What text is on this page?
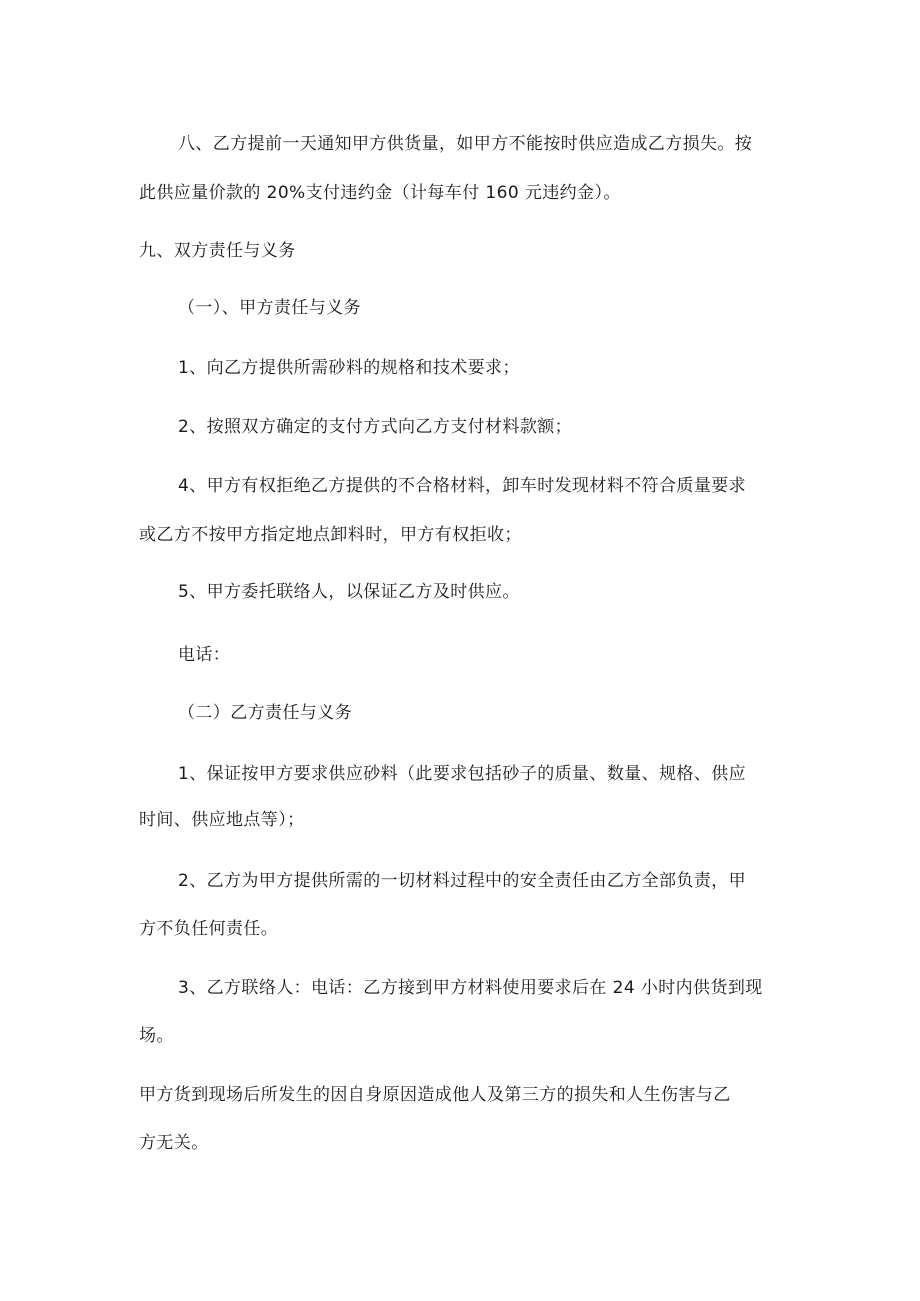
八、乙方提前一天通知甲方供货量，如甲方不能按时供应造成乙方损失。按
此供应量价款的 20%支付违约金（计每车付 160 元违约金）。
九、双方责任与义务
（一）、甲方责任与义务
1、向乙方提供所需砂料的规格和技术要求；
2、按照双方确定的支付方式向乙方支付材料款额；
4、甲方有权拒绝乙方提供的不合格材料，卸车时发现材料不符合质量要求
或乙方不按甲方指定地点卸料时，甲方有权拒收；
5、甲方委托联络人，以保证乙方及时供应。
电话：
（二）乙方责任与义务
1、保证按甲方要求供应砂料（此要求包括砂子的质量、数量、规格、供应
时间、供应地点等）；
2、乙方为甲方提供所需的一切材料过程中的安全责任由乙方全部负责，甲
方不负任何责任。
3、乙方联络人：电话：乙方接到甲方材料使用要求后在 24 小时内供货到现
场。
甲方货到现场后所发生的因自身原因造成他人及第三方的损失和人生伤害与乙
方无关。
